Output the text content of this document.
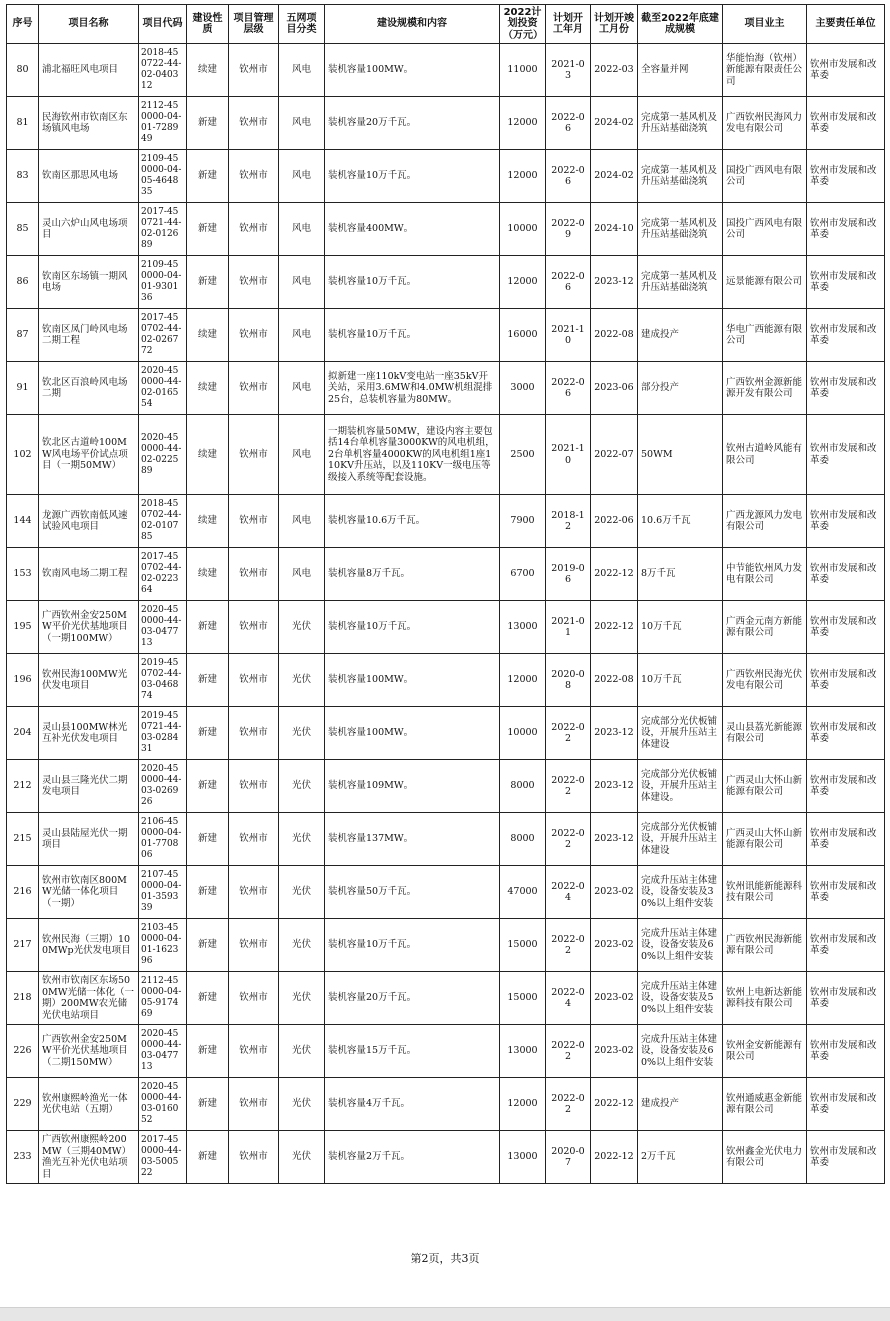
序号	项目名称	项目代码	建设性质	项目管理层级	五网项目分类	建设规模和内容	2022计划投资（万元）	计划开工年月	计划开竣工月份	截至2022年底建成规模	项目业主	主要责任单位
80	浦北福旺风电项目	2018-450722-44-02-040312	续建	钦州市	风电	装机容量100MW。	11000	2021-03	2022-03	全容量并网	华能怡海（钦州）新能源有限责任公司	钦州市发展和改革委
81	民海钦州市钦南区东场镇风电场	2112-450000-04-01-728949	新建	钦州市	风电	装机容量20万千瓦。	12000	2022-06	2024-02	完成第一基风机及升压站基础浇筑	广西钦州民海风力发电有限公司	钦州市发展和改革委
83	钦南区那思风电场	2109-450000-04-05-464835	新建	钦州市	风电	装机容量10万千瓦。	12000	2022-06	2024-02	完成第一基风机及升压站基础浇筑	国投广西风电有限公司	钦州市发展和改革委
85	灵山六炉山风电场项目	2017-450721-44-02-012689	新建	钦州市	风电	装机容量400MW。	10000	2022-09	2024-10	完成第一基风机及升压站基础浇筑	国投广西风电有限公司	钦州市发展和改革委
86	钦南区东场镇一期风电场	2109-450000-04-01-930136	新建	钦州市	风电	装机容量10万千瓦。	12000	2022-06	2023-12	完成第一基风机及升压站基础浇筑	远景能源有限公司	钦州市发展和改革委
87	钦南区凤门岭风电场二期工程	2017-450702-44-02-026772	续建	钦州市	风电	装机容量10万千瓦。	16000	2021-10	2022-08	建成投产	华电广西能源有限公司	钦州市发展和改革委
91	钦北区百浪岭风电场二期	2020-450000-44-02-016554	续建	钦州市	风电	拟新建一座110kV变电站一座35kV开关站，采用3.6MW和4.0MW机组混排25台，总装机容量为80MW。	3000	2022-06	2023-06	部分投产	广西钦州金源新能源开发有限公司	钦州市发展和改革委
102	钦北区古道岭100MW风电场平价试点项目（一期50MW）	2020-450000-44-02-022589	续建	钦州市	风电	一期装机容量50MW，建设内容主要包括14台单机容量3000KW的风电机组，2台单机容量4000KW的风电机组1座110KV升压站，以及110KV一级电压等级接入系统等配套设施。	2500	2021-10	2022-07	50WM	钦州古道岭风能有限公司	钦州市发展和改革委
144	龙源广西钦南低风速试验风电项目	2018-450702-44-02-010785	续建	钦州市	风电	装机容量10.6万千瓦。	7900	2018-12	2022-06	10.6万千瓦	广西龙源风力发电有限公司	钦州市发展和改革委
153	钦南风电场二期工程	2017-450702-44-02-022364	续建	钦州市	风电	装机容量8万千瓦。	6700	2019-06	2022-12	8万千瓦	中节能钦州风力发电有限公司	钦州市发展和改革委
195	广西钦州金安250MW平价光伏基地项目（一期100MW）	2020-450000-44-03-047713	新建	钦州市	光伏	装机容量10万千瓦。	13000	2021-01	2022-12	10万千瓦	广西金元南方新能源有限公司	钦州市发展和改革委
196	钦州民海100MW光伏发电项目	2019-450702-44-03-046874	新建	钦州市	光伏	装机容量100MW。	12000	2020-08	2022-08	10万千瓦	广西钦州民海光伏发电有限公司	钦州市发展和改革委
204	灵山县100MW林光互补光伏发电项目	2019-450721-44-03-028431	新建	钦州市	光伏	装机容量100MW。	10000	2022-02	2023-12	完成部分光伏板铺设，开展升压站主体建设	灵山县荔光新能源有限公司	钦州市发展和改革委
212	灵山县三隆光伏二期发电项目	2020-450000-44-03-026926	新建	钦州市	光伏	装机容量109MW。	8000	2022-02	2023-12	完成部分光伏板铺设，开展升压站主体建设。	广西灵山大怀山新能源有限公司	钦州市发展和改革委
215	灵山县陆屋光伏一期项目	2106-450000-04-01-770806	新建	钦州市	光伏	装机容量137MW。	8000	2022-02	2023-12	完成部分光伏板铺设，开展升压站主体建设	广西灵山大怀山新能源有限公司	钦州市发展和改革委
216	钦州市钦南区800MW光储一体化项目（一期）	2107-450000-04-01-359339	新建	钦州市	光伏	装机容量50万千瓦。	47000	2022-04	2023-02	完成升压站主体建设，设备安装及30%以上组件安装	钦州讯能新能源科技有限公司	钦州市发展和改革委
217	钦州民海（三期）100MWp光伏发电项目	2103-450000-04-01-162396	新建	钦州市	光伏	装机容量10万千瓦。	15000	2022-02	2023-02	完成升压站主体建设，设备安装及60%以上组件安装	广西钦州民海新能源有限公司	钦州市发展和改革委
218	钦州市钦南区东场500MW光储一体化（一期）200MW农光储光伏电站项目	2112-450000-04-05-917469	新建	钦州市	光伏	装机容量20万千瓦。	15000	2022-04	2023-02	完成升压站主体建设，设备安装及50%以上组件安装	钦州上电新达新能源科技有限公司	钦州市发展和改革委
226	广西钦州金安250MW平价光伏基地项目（二期150MW）	2020-450000-44-03-047713	新建	钦州市	光伏	装机容量15万千瓦。	13000	2022-02	2023-02	完成升压站主体建设，设备安装及60%以上组件安装	钦州金安新能源有限公司	钦州市发展和改革委
229	钦州康熙岭渔光一体光伏电站（五期）	2020-450000-44-03-016052	新建	钦州市	光伏	装机容量4万千瓦。	12000	2022-02	2022-12	建成投产	钦州通威惠金新能源有限公司	钦州市发展和改革委
233	广西钦州康熙岭200MW（三期40MW）渔光互补光伏电站项目	2017-450000-44-03-500522	新建	钦州市	光伏	装机容量2万千瓦。	13000	2020-07	2022-12	2万千瓦	钦州鑫金光伏电力有限公司	钦州市发展和改革委
第2页，共3页
